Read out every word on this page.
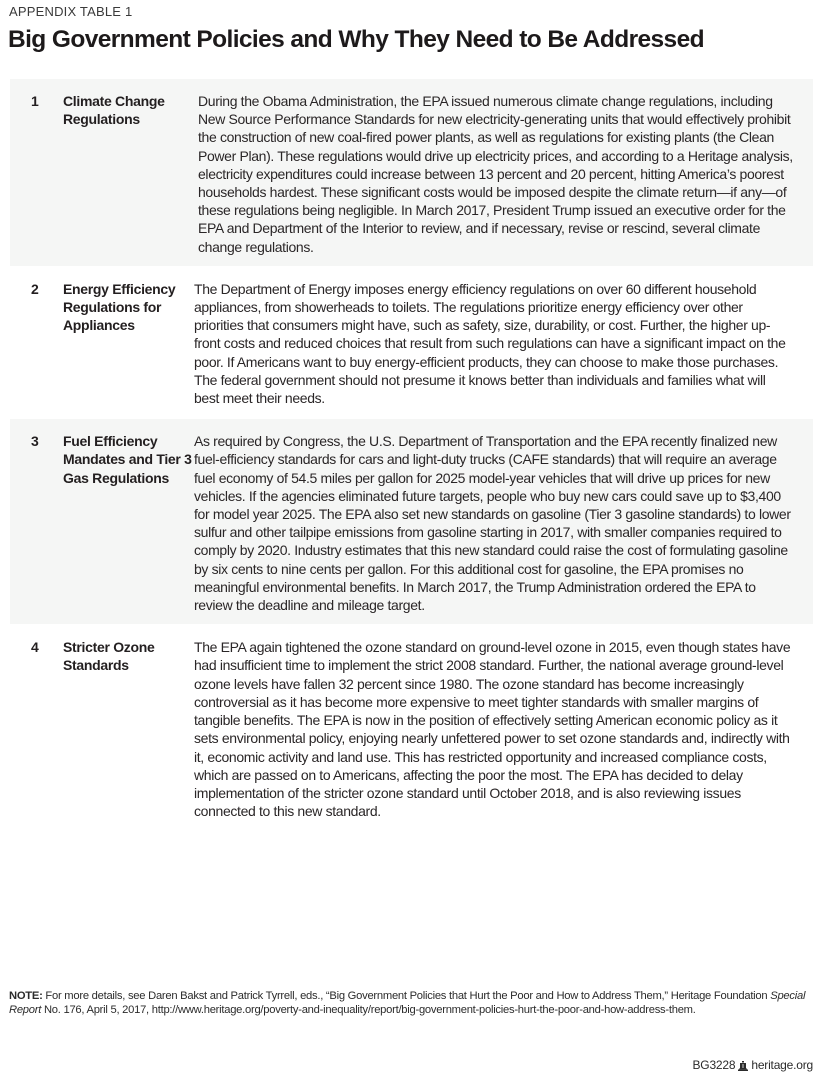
APPENDIX TABLE 1
Big Government Policies and Why They Need to Be Addressed
1	Climate Change Regulations
During the Obama Administration, the EPA issued numerous climate change regulations, including New Source Performance Standards for new electricity-generating units that would effectively prohibit the construction of new coal-fired power plants, as well as regulations for existing plants (the Clean Power Plan). These regulations would drive up electricity prices, and according to a Heritage analysis, electricity expenditures could increase between 13 percent and 20 percent, hitting America’s poorest households hardest. These significant costs would be imposed despite the climate return—if any—of these regulations being negligible. In March 2017, President Trump issued an executive order for the EPA and Department of the Interior to review, and if necessary, revise or rescind, several climate change regulations.
2	Energy Efficiency Regulations for Appliances
The Department of Energy imposes energy efficiency regulations on over 60 different household appliances, from showerheads to toilets. The regulations prioritize energy efficiency over other priorities that consumers might have, such as safety, size, durability, or cost. Further, the higher up-front costs and reduced choices that result from such regulations can have a significant impact on the poor. If Americans want to buy energy-efficient products, they can choose to make those purchases. The federal government should not presume it knows better than individuals and families what will best meet their needs.
3	Fuel Efficiency Mandates and Tier 3 Gas Regulations
As required by Congress, the U.S. Department of Transportation and the EPA recently finalized new fuel-efficiency standards for cars and light-duty trucks (CAFE standards) that will require an average fuel economy of 54.5 miles per gallon for 2025 model-year vehicles that will drive up prices for new vehicles. If the agencies eliminated future targets, people who buy new cars could save up to $3,400 for model year 2025. The EPA also set new standards on gasoline (Tier 3 gasoline standards) to lower sulfur and other tailpipe emissions from gasoline starting in 2017, with smaller companies required to comply by 2020. Industry estimates that this new standard could raise the cost of formulating gasoline by six cents to nine cents per gallon. For this additional cost for gasoline, the EPA promises no meaningful environmental benefits. In March 2017, the Trump Administration ordered the EPA to review the deadline and mileage target.
4	Stricter Ozone Standards
The EPA again tightened the ozone standard on ground-level ozone in 2015, even though states have had insufficient time to implement the strict 2008 standard. Further, the national average ground-level ozone levels have fallen 32 percent since 1980. The ozone standard has become increasingly controversial as it has become more expensive to meet tighter standards with smaller margins of tangible benefits. The EPA is now in the position of effectively setting American economic policy as it sets environmental policy, enjoying nearly unfettered power to set ozone standards and, indirectly with it, economic activity and land use. This has restricted opportunity and increased compliance costs, which are passed on to Americans, affecting the poor the most. The EPA has decided to delay implementation of the stricter ozone standard until October 2018, and is also reviewing issues connected to this new standard.
NOTE: For more details, see Daren Bakst and Patrick Tyrrell, eds., “Big Government Policies that Hurt the Poor and How to Address Them,” Heritage Foundation Special Report No. 176, April 5, 2017, http://www.heritage.org/poverty-and-inequality/report/big-government-policies-hurt-the-poor-and-how-address-them.
BG3228 heritage.org
